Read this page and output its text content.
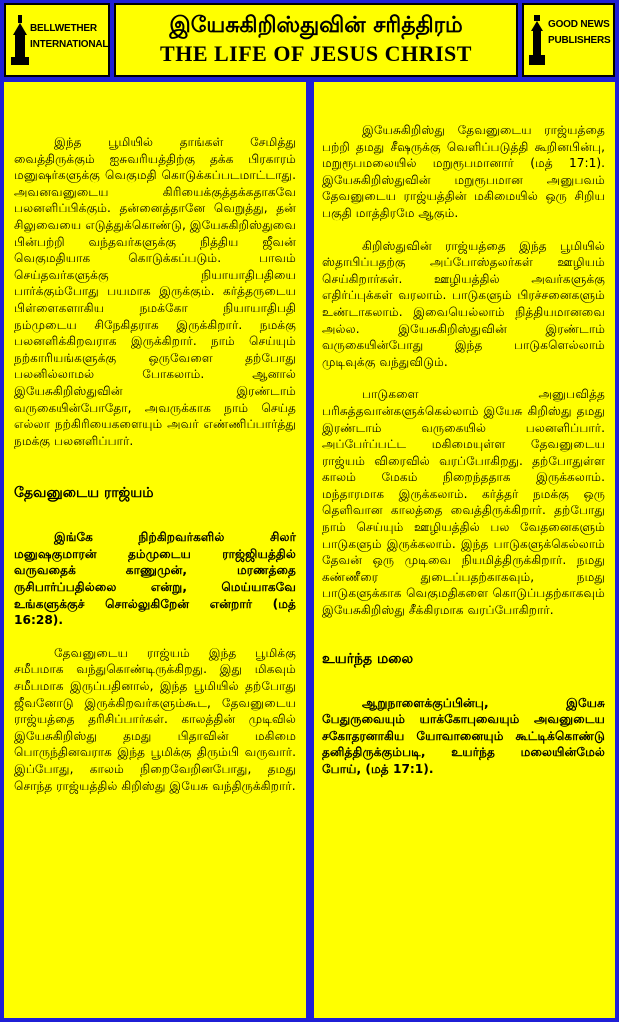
BELLWETHER
INTERNATIONAL
இயேசுகிறிஸ்துவின் சரித்திரம்
THE LIFE OF JESUS CHRIST
GOOD NEWS
PUBLISHERS

இந்த பூமியில் தாங்கள் சேமித்து வைத்திருக்கும் ஐசுவரியத்திற்கு தக்க பிரகாரம் மனுஷர்களுக்கு வெகுமதி கொடுக்கப்படமாட்டாது. அவனவனுடைய கிரியைக்குத்தக்கதாகவே பலனளிப்பிக்கும். தன்னைத்தானே வெறுத்து, தன் சிலுவையை எடுத்துக்கொண்டு, இயேசுகிறிஸ்துவை பின்பற்றி வந்தவர்களுக்கு நித்திய ஜீவன் வெகுமதியாக கொடுக்கப்படும். பாவம் செய்தவர்களுக்கு நியாயாதிபதியை பார்க்கும்போது பயமாக இருக்கும். கர்த்தருடைய பிள்ளைகளாகிய நமக்கோ நியாயாதிபதி நம்முடைய சிநேகிதராக இருக்கிறார். நமக்கு பலனளிக்கிறவராக இருக்கிறார். நாம் செய்யும் நற்காரியங்களுக்கு ஒருவேளை தற்போது பலனில்லாமல் போகலாம். ஆனால் இயேசுகிறிஸ்துவின் இரண்டாம் வருகையின்போதோ, அவருக்காக நாம் செய்த எல்லா நற்கிரியைகளையும் அவர் எண்ணிப்பார்த்து நமக்கு பலனளிப்பார்.

தேவனுடைய ராஜ்யம்

இங்கே நிற்கிறவர்களில் சிலர் மனுஷகுமாரன் தம்முடைய ராஜ்ஜியத்தில் வருவதைக் காணுமுன், மரணத்தை ருசிபார்ப்பதில்லை என்று, மெய்யாகவே உங்களுக்குச் சொல்லுகிறேன் என்றார் (மத் 16:28).

தேவனுடைய ராஜ்யம் இந்த பூமிக்கு சமீபமாக வந்துகொண்டிருக்கிறது. இது மிகவும் சமீபமாக இருப்பதினால், இந்த பூமியில் தற்போது ஜீவனோடு இருக்கிறவர்களும்கூட, தேவனுடைய ராஜ்யத்தை தரிசிப்பார்கள். காலத்தின் முடிவில் இயேசுகிறிஸ்து தமது பிதாவின் மகிமை பொருந்தினவராக இந்த பூமிக்கு திரும்பி வருவார். இப்போது, காலம் நிறைவேறினபோது, தமது சொந்த ராஜ்யத்தில் கிறிஸ்து இயேசு வந்திருக்கிறார்.

இயேசுகிறிஸ்து தேவனுடைய ராஜ்யத்தை பற்றி தமது சீஷருக்கு வெளிப்படுத்தி கூறினபின்பு, மறுரூபமலையில் மறுரூபமானார் (மத் 17:1). இயேசுகிறிஸ்துவின் மறுரூபமான அனுபவம் தேவனுடைய ராஜ்யத்தின் மகிமையில் ஒரு சிறிய பகுதி மாத்திரமே ஆகும்.

கிறிஸ்துவின் ராஜ்யத்தை இந்த பூமியில் ஸ்தாபிப்பதற்கு அப்போஸ்தலர்கள் ஊழியம் செய்கிறார்கள். ஊழியத்தில் அவர்களுக்கு எதிர்ப்புக்கள் வரலாம். பாடுகளும் பிரச்சனைகளும் உண்டாகலாம். இவையெல்லாம் நித்தியமானவை அல்ல. இயேசுகிறிஸ்துவின் இரண்டாம் வருகையின்போது இந்த பாடுகளெல்லாம் முடிவுக்கு வந்துவிடும்.

பாடுகளை அனுபவித்த பரிசுத்தவான்களுக்கெல்லாம் இயேசு கிறிஸ்து தமது இரண்டாம் வருகையில் பலனளிப்பார். அப்பேர்ப்பட்ட மகிமையுள்ள தேவனுடைய ராஜ்யம் விரைவில் வரப்போகிறது. தற்போதுள்ள காலம் மேகம் நிறைந்ததாக இருக்கலாம். மந்தாரமாக இருக்கலாம். கர்த்தர் நமக்கு ஒரு தெளிவான காலத்தை வைத்திருக்கிறார். தற்போது நாம் செய்யும் ஊழியத்தில் பல வேதனைகளும் பாடுகளும் இருக்கலாம். இந்த பாடுகளுக்கெல்லாம் தேவன் ஒரு முடிவை நியமித்திருக்கிறார். நமது கண்ணீரை துடைப்பதற்காகவும், நமது பாடுகளுக்காக வெகுமதிகளை கொடுப்பதற்காகவும் இயேசுகிறிஸ்து சீக்கிரமாக வரப்போகிறார்.

உயர்ந்த மலை

ஆறுநாளைக்குப்பின்பு, இயேசு பேதுருவையும் யாக்கோபுவையும் அவனுடைய சகோதரனாகிய யோவானையும் கூட்டிக்கொண்டு தனித்திருக்கும்படி, உயர்ந்த மலையின்மேல் போய், (மத் 17:1).
